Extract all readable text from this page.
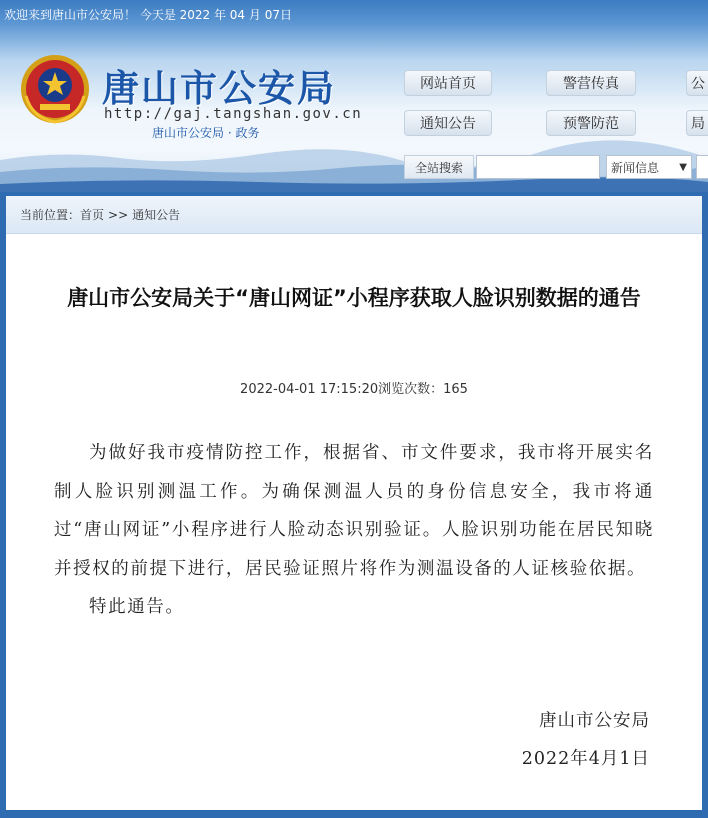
欢迎来到唐山市公安局！ 今天是 2022 年 04 月 07日
唐山市公安局
http://gaj.tangshan.gov.cn
唐山市公安局 · 政务
网站首页	警营传真	公
通知公告	预警防范	局
全站搜索	新闻信息 ▼
当前位置： 首页 >> 通知公告
唐山市公安局关于“唐山网证”小程序获取人脸识别数据的通告
2022-04-01 17:15:20浏览次数：165

为做好我市疫情防控工作，根据省、市文件要求，我市将开展实名制人脸识别测温工作。为确保测温人员的身份信息安全，我市将通过“唐山网证”小程序进行人脸动态识别验证。人脸识别功能在居民知晓并授权的前提下进行，居民验证照片将作为测温设备的人证核验依据。

特此通告。

唐山市公安局
2022年4月1日
